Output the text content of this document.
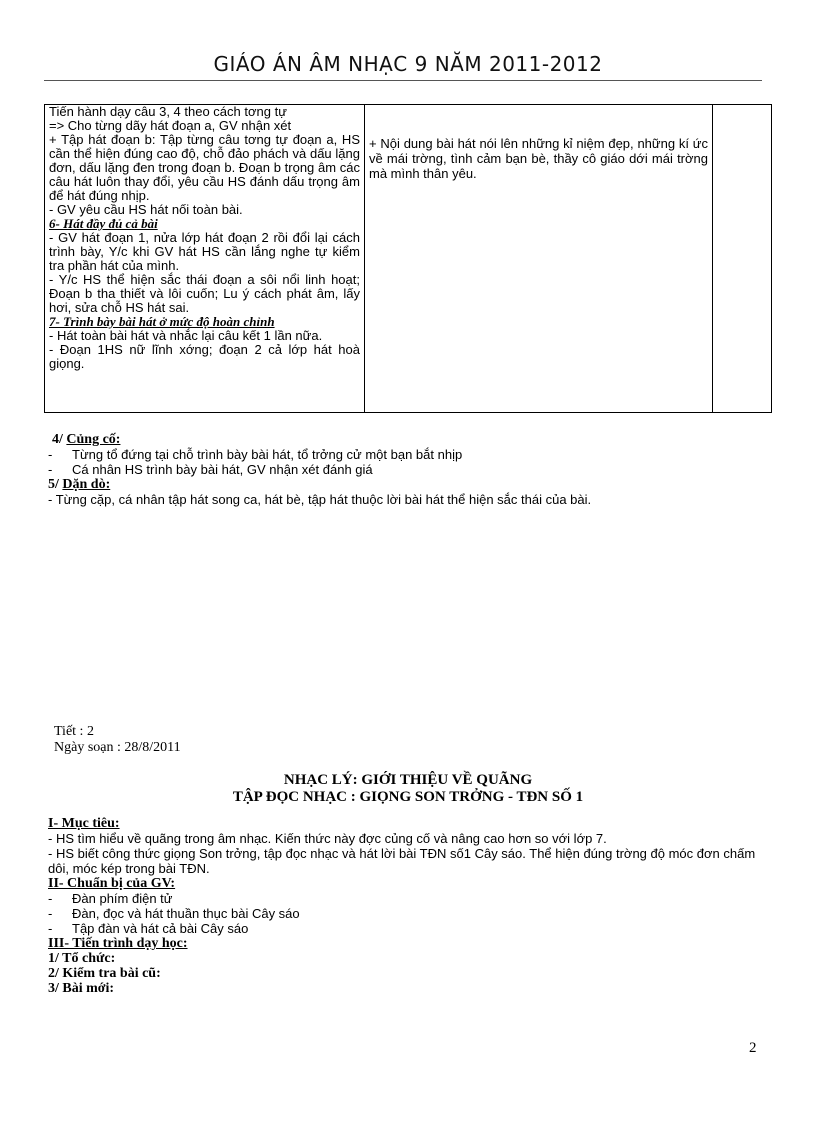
GIÁO ÁN ÂM NHẠC 9 NĂM 2011-2012

Tiến hành dạy câu 3, 4 theo cách tơng tự

=> Cho từng dãy hát đoạn a, GV nhận xét

+ Tập hát đoạn b: Tập từng câu tơng tự đoạn a, HS cần thể hiện đúng cao độ, chỗ đảo phách và dấu lặng đơn, dấu lặng đen trong đoạn b. Đoạn b trọng âm các câu hát luôn thay đổi, yêu cầu HS đánh dấu trọng âm để hát đúng nhịp.

- GV yêu cầu HS hát nối toàn bài.

6- Hát đầy đủ cả bài

- GV hát đoạn 1, nửa lớp hát đoạn 2 rồi đổi lại cách trình bày, Y/c khi GV hát HS cần lắng nghe tự kiểm tra phần hát của mình.

- Y/c HS thể hiện sắc thái đoạn a sôi nổi linh hoạt; Đoạn b tha thiết và lôi cuốn; Lu ý cách phát âm, lấy hơi, sửa chỗ HS hát sai.

7- Trình bày bài hát ở mức độ hoàn chỉnh

- Hát toàn bài hát và nhắc lại câu kết 1 lần nữa.

- Đoạn 1HS nữ lĩnh xớng; đoạn 2 cả lớp hát hoà giọng.

	+ Nội dung bài hát nói lên những kỉ niệm đẹp, những kí ức về mái trờng, tình cảm bạn bè, thầy cô giáo dới mái trờng mà mình thân yêu.	
4/ Củng cố:
-	Từng tổ đứng tại chỗ trình bày bài hát, tổ trởng cử một bạn bắt nhịp
-	Cá nhân HS trình bày bài hát, GV nhận xét đánh giá
5/ Dặn dò:
- Từng cặp, cá nhân tập hát song ca, hát bè, tập hát thuộc lời bài hát thể hiện sắc thái của bài.
Tiết : 2
Ngày soạn : 28/8/2011
NHẠC LÝ: GIỚI THIỆU VỀ QUÃNG
TẬP ĐỌC NHẠC : GIỌNG SON TRỞNG - TĐN SỐ 1
I- Mục tiêu:
- HS tìm hiểu về quãng trong âm nhạc. Kiến thức này đợc củng cố và nâng cao hơn so với lớp 7.
- HS biết công thức giọng Son trởng, tập đọc nhạc và hát lời bài TĐN số1 Cây sáo. Thể hiện đúng trờng độ móc đơn chấm dôi, móc kép trong bài TĐN.
II- Chuẩn bị của GV:
-	Đàn phím điện tử
-	Đàn, đọc và hát thuần thục bài Cây sáo
-	Tập đàn và hát cả bài Cây sáo
III- Tiến trình dạy học:
1/ Tổ chức:
2/ Kiểm tra bài cũ:
3/ Bài mới:
2
